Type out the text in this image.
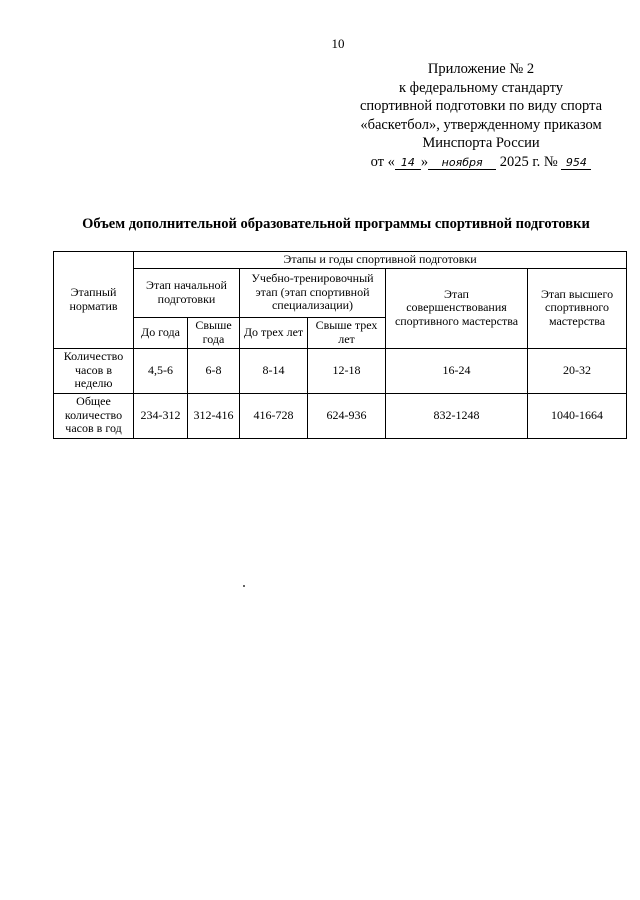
10
Приложение № 2
к федеральному стандарту
спортивной подготовки по виду спорта
«баскетбол», утвержденному приказом
Минспорта России
от « 14 » ноября 2025 г. № 954
Объем дополнительной образовательной программы спортивной подготовки
Этапный норматив	Этапы и годы спортивной подготовки					
	Этап начальной подготовки		Учебно-тренировочный этап (этап спортивной специализации)		Этап совершенствования спортивного мастерства	Этап высшего спортивного мастерства
	До года	Свыше года	До трех лет	Свыше трех лет		
Количество часов в неделю	4,5-6	6-8	8-14	12-18	16-24	20-32
Общее количество часов в год	234-312	312-416	416-728	624-936	832-1248	1040-1664
